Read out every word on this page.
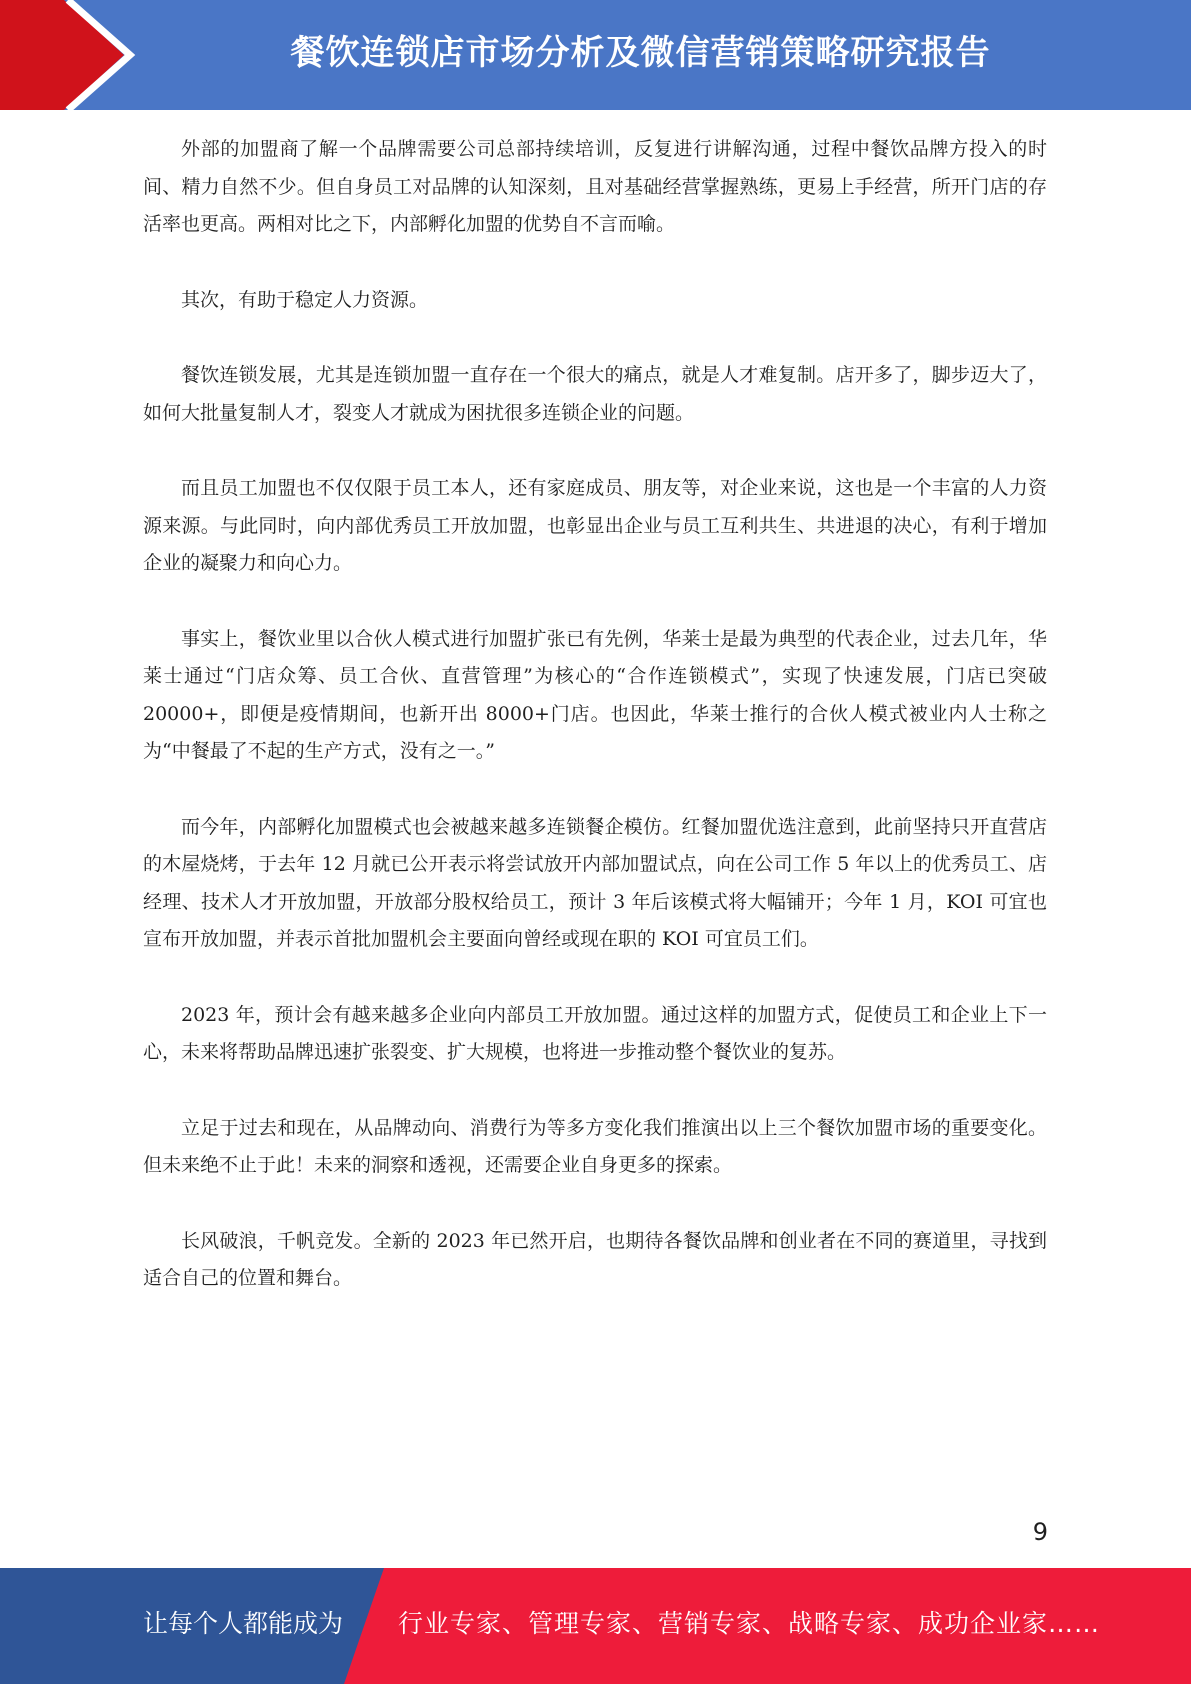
餐饮连锁店市场分析及微信营销策略研究报告

外部的加盟商了解一个品牌需要公司总部持续培训，反复进行讲解沟通，过程中餐饮品牌方投入的时间、精力自然不少。但自身员工对品牌的认知深刻，且对基础经营掌握熟练，更易上手经营，所开门店的存活率也更高。两相对比之下，内部孵化加盟的优势自不言而喻。

其次，有助于稳定人力资源。

餐饮连锁发展，尤其是连锁加盟一直存在一个很大的痛点，就是人才难复制。店开多了，脚步迈大了，如何大批量复制人才，裂变人才就成为困扰很多连锁企业的问题。

而且员工加盟也不仅仅限于员工本人，还有家庭成员、朋友等，对企业来说，这也是一个丰富的人力资源来源。与此同时，向内部优秀员工开放加盟，也彰显出企业与员工互利共生、共进退的决心，有利于增加企业的凝聚力和向心力。

事实上，餐饮业里以合伙人模式进行加盟扩张已有先例，华莱士是最为典型的代表企业，过去几年，华莱士通过“门店众筹、员工合伙、直营管理”为核心的“合作连锁模式”，实现了快速发展，门店已突破 20000+，即便是疫情期间，也新开出 8000+门店。也因此，华莱士推行的合伙人模式被业内人士称之为“中餐最了不起的生产方式，没有之一。”

而今年，内部孵化加盟模式也会被越来越多连锁餐企模仿。红餐加盟优选注意到，此前坚持只开直营店的木屋烧烤，于去年 12 月就已公开表示将尝试放开内部加盟试点，向在公司工作 5 年以上的优秀员工、店经理、技术人才开放加盟，开放部分股权给员工，预计 3 年后该模式将大幅铺开；今年 1 月，KOI 可宜也宣布开放加盟，并表示首批加盟机会主要面向曾经或现在职的 KOI 可宜员工们。

2023 年，预计会有越来越多企业向内部员工开放加盟。通过这样的加盟方式，促使员工和企业上下一心，未来将帮助品牌迅速扩张裂变、扩大规模，也将进一步推动整个餐饮业的复苏。

立足于过去和现在，从品牌动向、消费行为等多方变化我们推演出以上三个餐饮加盟市场的重要变化。但未来绝不止于此！未来的洞察和透视，还需要企业自身更多的探索。

长风破浪，千帆竞发。全新的 2023 年已然开启，也期待各餐饮品牌和创业者在不同的赛道里，寻找到适合自己的位置和舞台。

9
让每个人都能成为 行业专家、管理专家、营销专家、战略专家、成功企业家……
